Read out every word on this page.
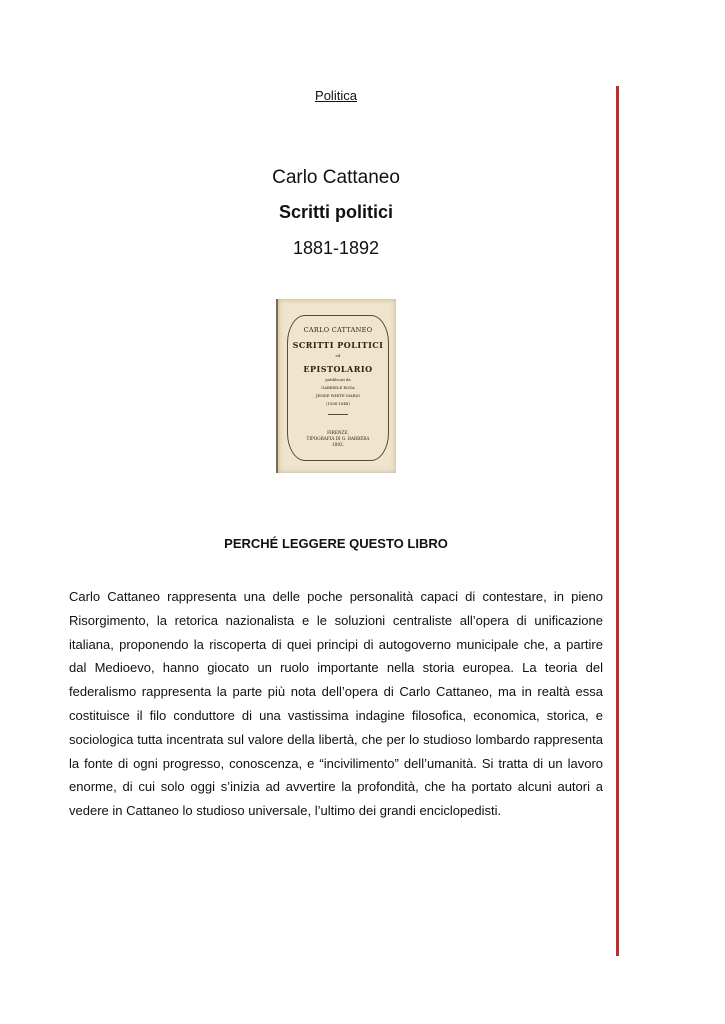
Politica
Carlo Cattaneo
Scritti politici
1881-1892
CARLO CATTANEO
SCRITTI POLITICI
ed
EPISTOLARIO
pubblicati da
GABRIELE ROSA
JESSIE WHITE MARIO
(1836-1848)
FIRENZE,
TIPOGRAFIA DI G. BARBÈRA
1892.
PERCHÉ LEGGERE QUESTO LIBRO

Carlo Cattaneo rappresenta una delle poche personalità capaci di contestare, in pieno Risorgimento, la retorica nazionalista e le soluzioni centraliste all’opera di unificazione italiana, proponendo la riscoperta di quei principi di autogoverno municipale che, a partire dal Medioevo, hanno giocato un ruolo importante nella storia europea. La teoria del federalismo rappresenta la parte più nota dell’opera di Carlo Cattaneo, ma in realtà essa costituisce il filo conduttore di una vastissima indagine filosofica, economica, storica, e sociologica tutta incentrata sul valore della libertà, che per lo studioso lombardo rappresenta la fonte di ogni progresso, conoscenza, e “incivilimento” dell’umanità. Si tratta di un lavoro enorme, di cui solo oggi s’inizia ad avvertire la profondità, che ha portato alcuni autori a vedere in Cattaneo lo studioso universale, l’ultimo dei grandi enciclopedisti.
